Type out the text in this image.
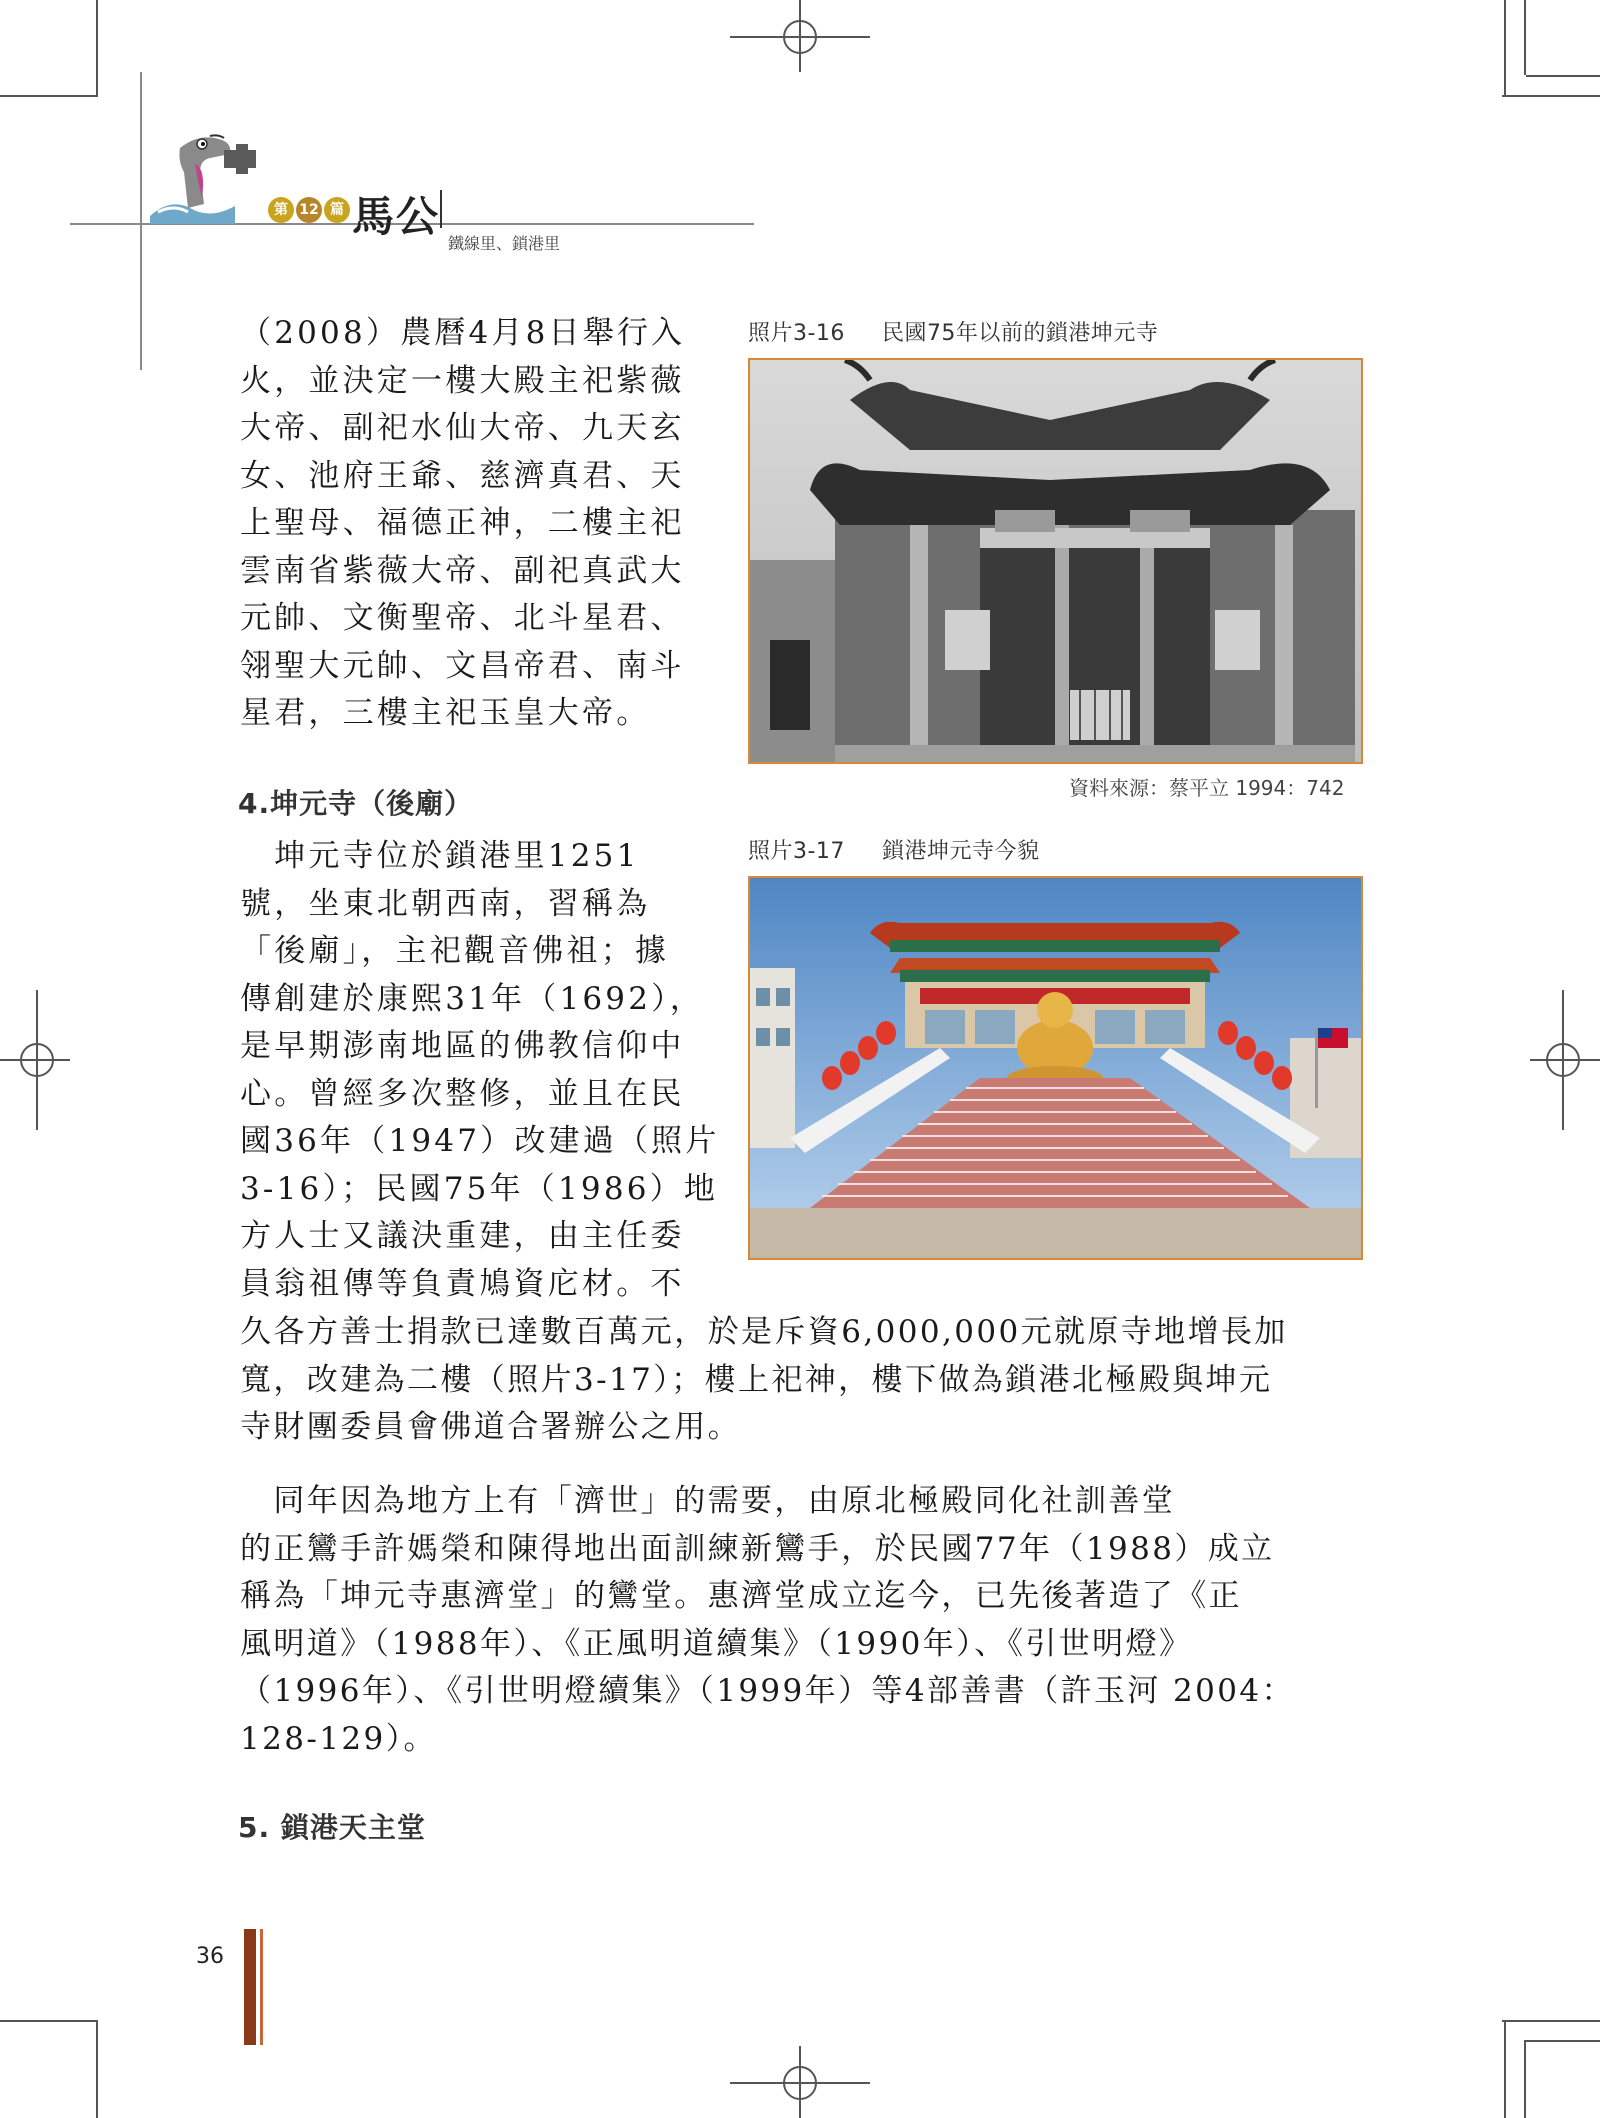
第 12 篇 馬公
鐵線里、鎖港里
（2008）農曆4月8日舉行入
火，並決定一樓大殿主祀紫薇
大帝、副祀水仙大帝、九天玄
女、池府王爺、慈濟真君、天
上聖母、福德正神，二樓主祀
雲南省紫薇大帝、副祀真武大
元帥、文衡聖帝、北斗星君、
翎聖大元帥、文昌帝君、南斗
星君，三樓主祀玉皇大帝。
4.坤元寺（後廟）
　坤元寺位於鎖港里1251
號，坐東北朝西南，習稱為
「後廟」，主祀觀音佛祖；據
傳創建於康熙31年（1692），
是早期澎南地區的佛教信仰中
心。曾經多次整修，並且在民
國36年（1947）改建過（照片
3-16）；民國75年（1986）地
方人士又議決重建，由主任委
員翁祖傳等負責鳩資庀材。不
久各方善士捐款已達數百萬元，於是斥資6,000,000元就原寺地增長加
寬，改建為二樓（照片3-17）；樓上祀神，樓下做為鎖港北極殿與坤元
寺財團委員會佛道合署辦公之用。
　同年因為地方上有「濟世」的需要，由原北極殿同化社訓善堂
的正鸞手許媽榮和陳得地出面訓練新鸞手，於民國77年（1988）成立
稱為「坤元寺惠濟堂」的鸞堂。惠濟堂成立迄今，已先後著造了《正
風明道》（1988年）、《正風明道續集》（1990年）、《引世明燈》
（1996年）、《引世明燈續集》（1999年）等4部善書（許玉河 2004：
128-129）。
5. 鎖港天主堂
照片3-16 民國75年以前的鎖港坤元寺
資料來源：蔡平立 1994：742
照片3-17 鎖港坤元寺今貌
36
